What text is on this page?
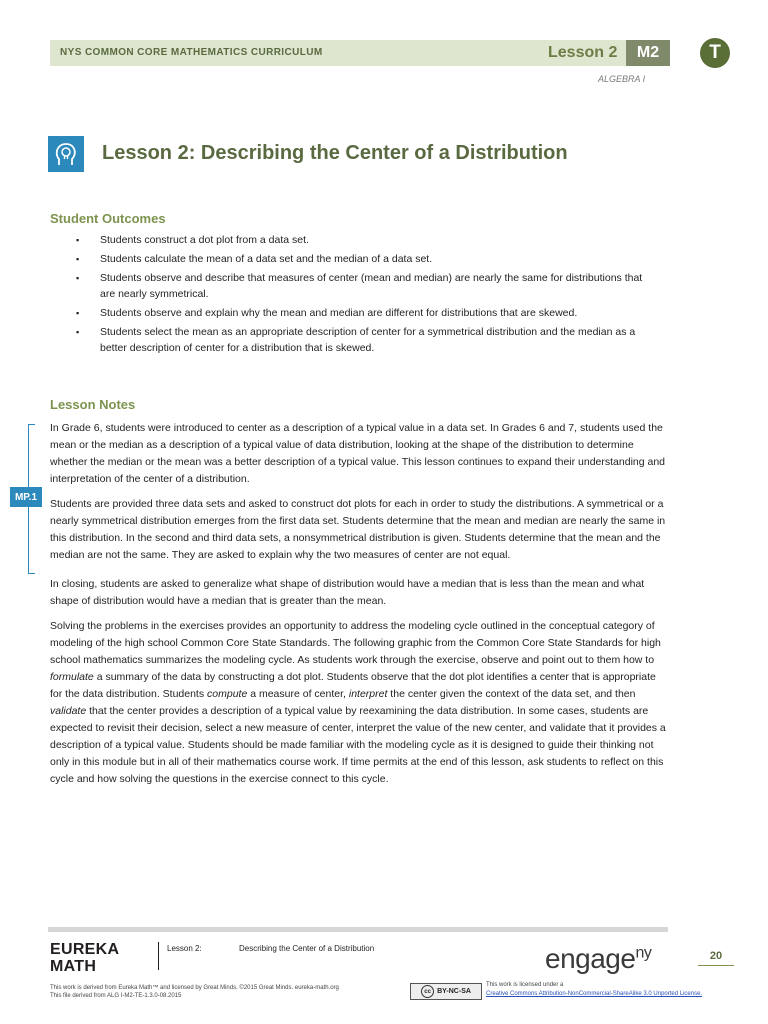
NYS COMMON CORE MATHEMATICS CURRICULUM	Lesson 2	M2	T
ALGEBRA I
Lesson 2: Describing the Center of a Distribution
Student Outcomes
▪ Students construct a dot plot from a data set.
▪ Students calculate the mean of a data set and the median of a data set.
▪ Students observe and describe that measures of center (mean and median) are nearly the same for distributions that are nearly symmetrical.
▪ Students observe and explain why the mean and median are different for distributions that are skewed.
▪ Students select the mean as an appropriate description of center for a symmetrical distribution and the median as a better description of center for a distribution that is skewed.
Lesson Notes
MP.1

In Grade 6, students were introduced to center as a description of a typical value in a data set. In Grades 6 and 7, students used the mean or the median as a description of a typical value of data distribution, looking at the shape of the distribution to determine whether the median or the mean was a better description of a typical value. This lesson continues to expand their understanding and interpretation of the center of a distribution.

Students are provided three data sets and asked to construct dot plots for each in order to study the distributions. A symmetrical or a nearly symmetrical distribution emerges from the first data set. Students determine that the mean and median are nearly the same in this distribution. In the second and third data sets, a nonsymmetrical distribution is given. Students determine that the mean and the median are not the same. They are asked to explain why the two measures of center are not equal.

In closing, students are asked to generalize what shape of distribution would have a median that is less than the mean and what shape of distribution would have a median that is greater than the mean.

Solving the problems in the exercises provides an opportunity to address the modeling cycle outlined in the conceptual category of modeling of the high school Common Core State Standards. The following graphic from the Common Core State Standards for high school mathematics summarizes the modeling cycle. As students work through the exercise, observe and point out to them how to formulate a summary of the data by constructing a dot plot. Students observe that the dot plot identifies a center that is appropriate for the data distribution. Students compute a measure of center, interpret the center given the context of the data set, and then validate that the center provides a description of a typical value by reexamining the data distribution. In some cases, students are expected to revisit their decision, select a new measure of center, interpret the value of the new center, and validate that it provides a description of a typical value. Students should be made familiar with the modeling cycle as it is designed to guide their thinking not only in this module but in all of their mathematics course work. If time permits at the end of this lesson, ask students to reflect on this cycle and how solving the questions in the exercise connect to this cycle.

EUREKA
MATH
Lesson 2:	Describing the Center of a Distribution	engage$^{ny}$	20
This work is derived from Eureka Math™ and licensed by Great Minds. ©2015 Great Minds. eureka-math.org
This file derived from ALG I-M2-TE-1.3.0-08.2015
cc BY-NC-SA
This work is licensed under a
Creative Commons Attribution-NonCommercial-ShareAlike 3.0 Unported License.
